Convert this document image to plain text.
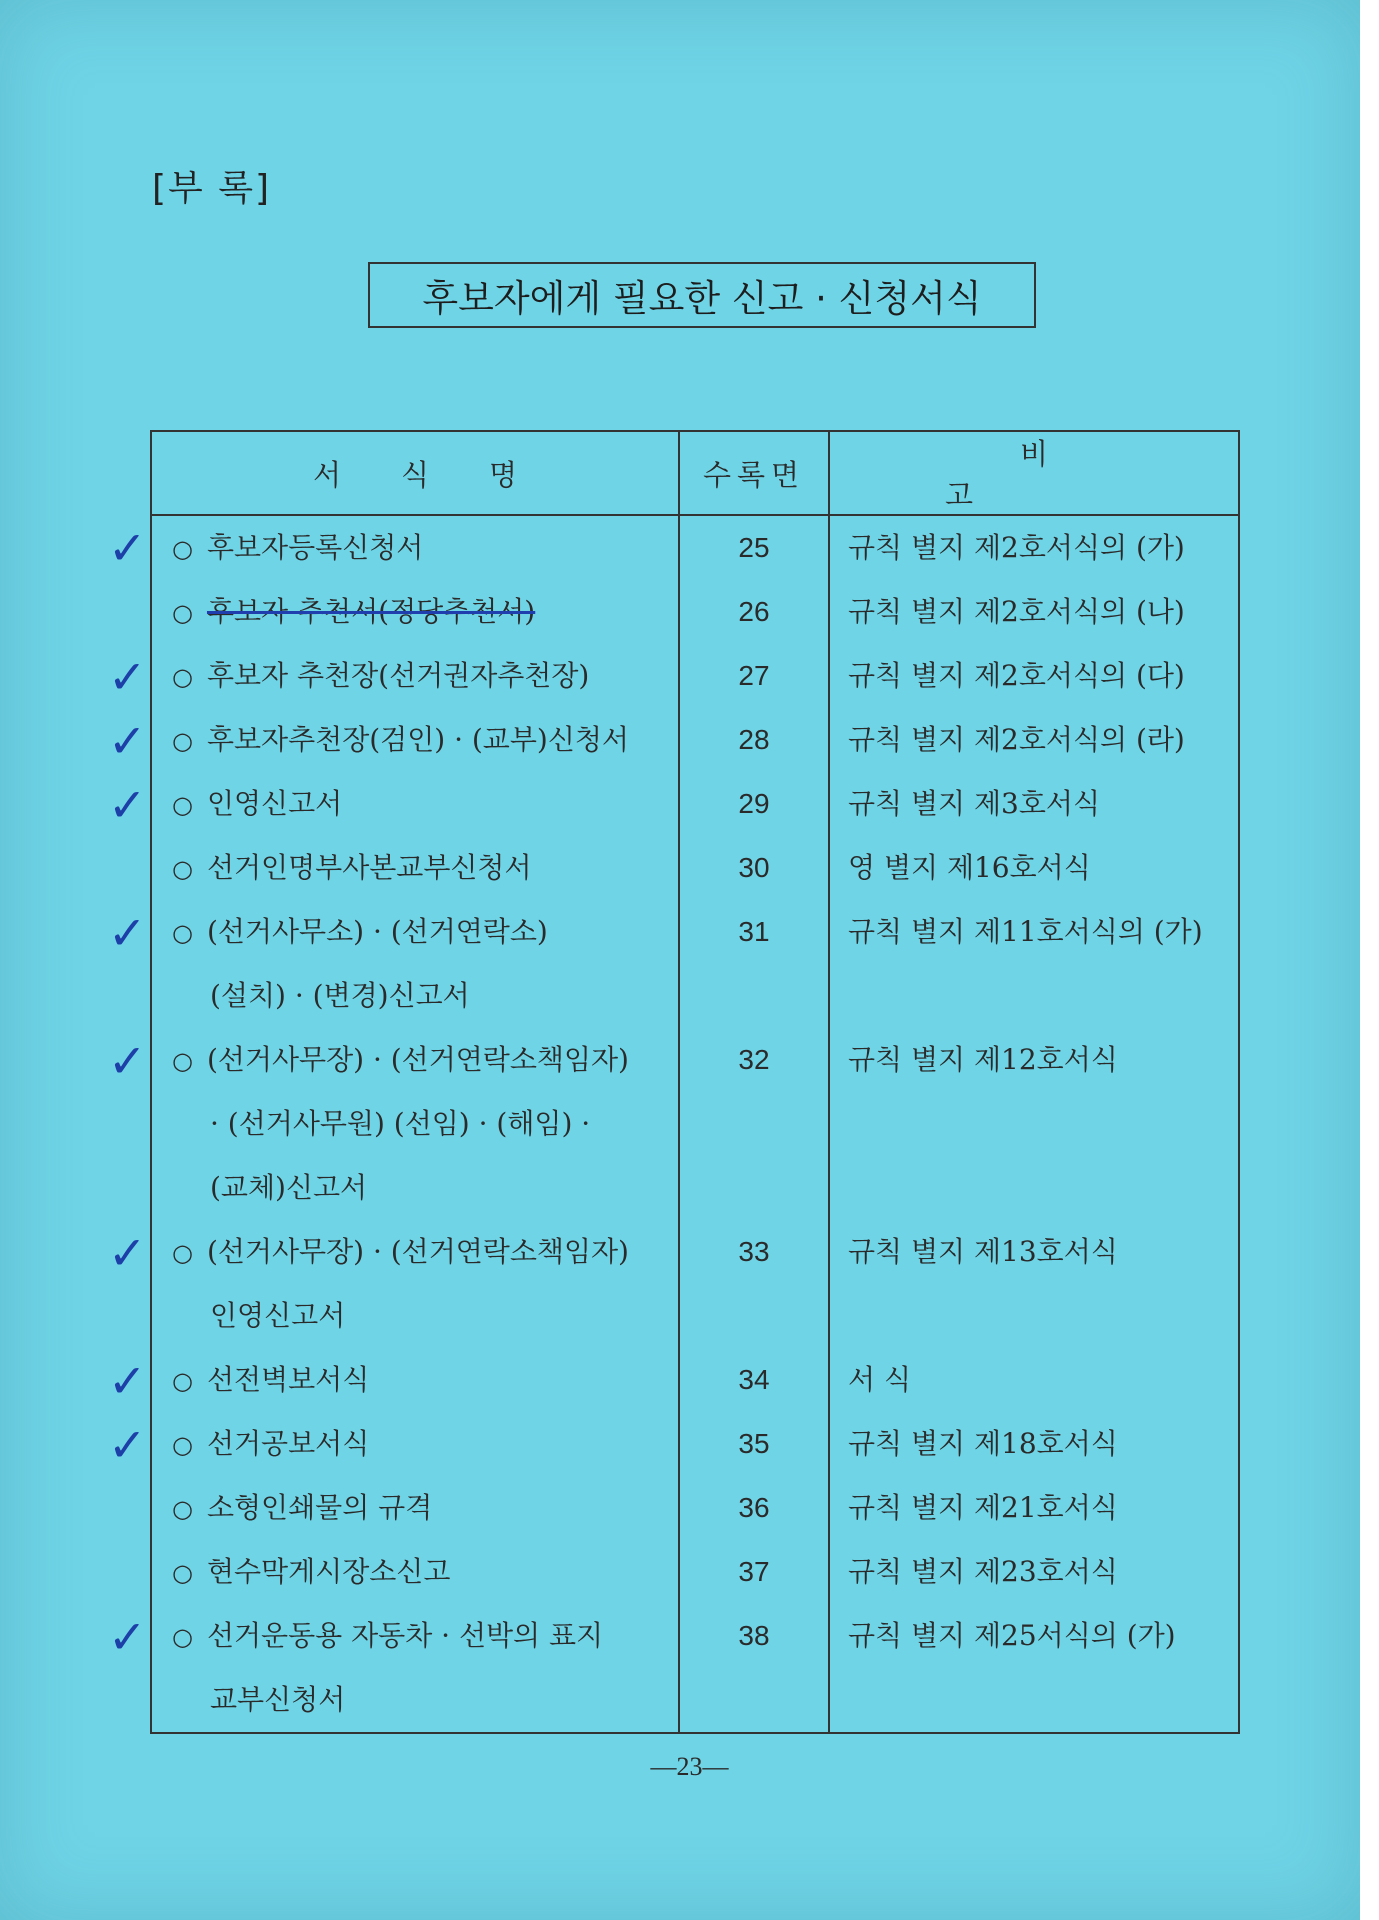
[부 록]
후보자에게 필요한 신고 · 신청서식
서식명	수록면	비고

○ 후보자등록신청서	25	규칙 별지 제2호서식의 (가)

○ 후보자 추천서(정당추천서)	26	규칙 별지 제2호서식의 (나)

○ 후보자 추천장(선거권자추천장)	27	규칙 별지 제2호서식의 (다)

○ 후보자추천장(검인) · (교부)신청서	28	규칙 별지 제2호서식의 (라)

○ 인영신고서	29	규칙 별지 제3호서식

○ 선거인명부사본교부신청서	30	영 별지 제16호서식

○ (선거사무소) · (선거연락소)
(설치) · (변경)신고서	31	규칙 별지 제11호서식의 (가)

○ (선거사무장) · (선거연락소책임자)
· (선거사무원) (선임) · (해임) ·
(교체)신고서	32	규칙 별지 제12호서식

○ (선거사무장) · (선거연락소책임자)
인영신고서	33	규칙 별지 제13호서식

○ 선전벽보서식	34	서 식

○ 선거공보서식	35	규칙 별지 제18호서식

○ 소형인쇄물의 규격	36	규칙 별지 제21호서식

○ 현수막게시장소신고	37	규칙 별지 제23호서식

○ 선거운동용 자동차 · 선박의 표지
교부신청서	38	규칙 별지 제25서식의 (가)
✓
✓
✓
✓
✓
✓
✓
✓
✓
✓
—23—
